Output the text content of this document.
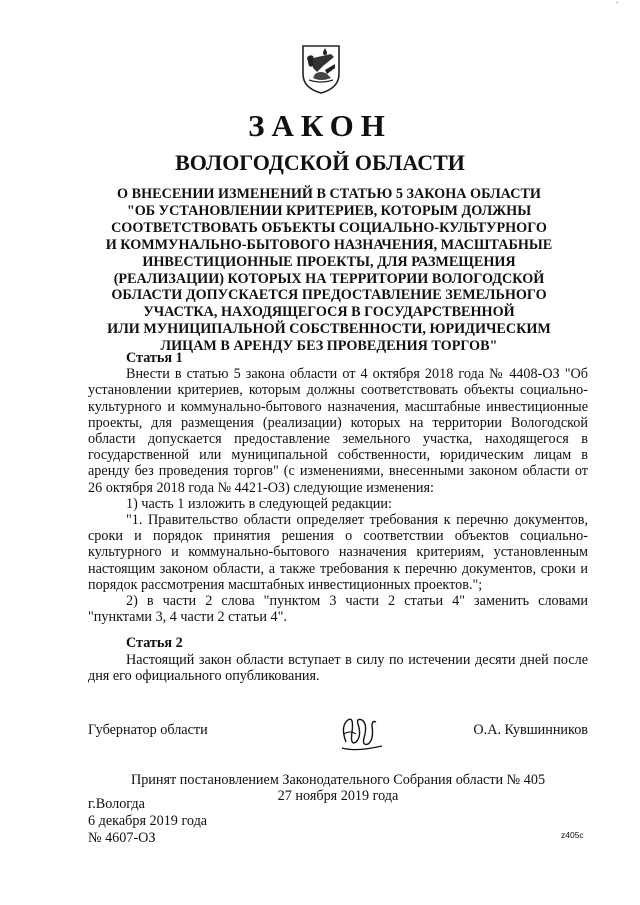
-
ЗАКОН
ВОЛОГОДСКОЙ ОБЛАСТИ
О ВНЕСЕНИИ ИЗМЕНЕНИЙ В СТАТЬЮ 5 ЗАКОНА ОБЛАСТИ
"ОБ УСТАНОВЛЕНИИ КРИТЕРИЕВ, КОТОРЫМ ДОЛЖНЫ
СООТВЕТСТВОВАТЬ ОБЪЕКТЫ СОЦИАЛЬНО-КУЛЬТУРНОГО
И КОММУНАЛЬНО-БЫТОВОГО НАЗНАЧЕНИЯ, МАСШТАБНЫЕ
ИНВЕСТИЦИОННЫЕ ПРОЕКТЫ, ДЛЯ РАЗМЕЩЕНИЯ
(РЕАЛИЗАЦИИ) КОТОРЫХ НА ТЕРРИТОРИИ ВОЛОГОДСКОЙ
ОБЛАСТИ ДОПУСКАЕТСЯ ПРЕДОСТАВЛЕНИЕ ЗЕМЕЛЬНОГО
УЧАСТКА, НАХОДЯЩЕГОСЯ В ГОСУДАРСТВЕННОЙ
ИЛИ МУНИЦИПАЛЬНОЙ СОБСТВЕННОСТИ, ЮРИДИЧЕСКИМ
ЛИЦАМ В АРЕНДУ БЕЗ ПРОВЕДЕНИЯ ТОРГОВ"

Статья 1

Внести в статью 5 закона области от 4 октября 2018 года № 4408-ОЗ "Об установлении критериев, которым должны соответствовать объекты социально-культурного и коммунально-бытового назначения, масштабные инвестиционные проекты, для размещения (реализации) которых на территории Вологодской области допускается предоставление земельного участка, находящегося в государственной или муниципальной собственности, юридическим лицам в аренду без проведения торгов" (с изменениями, внесенными законом области от 26 октября 2018 года № 4421-ОЗ) следующие изменения:

1) часть 1 изложить в следующей редакции:

"1. Правительство области определяет требования к перечню документов, сроки и порядок принятия решения о соответствии объектов социально-культурного и коммунально-бытового назначения критериям, установленным настоящим законом области, а также требования к перечню документов, сроки и порядок рассмотрения масштабных инвестиционных проектов.";

2) в части 2 слова "пунктом 3 части 2 статьи 4" заменить словами "пунктами 3, 4 части 2 статьи 4".

Статья 2

Настоящий закон области вступает в силу по истечении десяти дней после дня его официального опубликования.

Губернатор области	О.А. Кувшинников

Принят постановлением Законодательного Собрания области № 405
27 ноября 2019 года

г.Вологда
6 декабря 2019 года
№ 4607-ОЗ	z405c
